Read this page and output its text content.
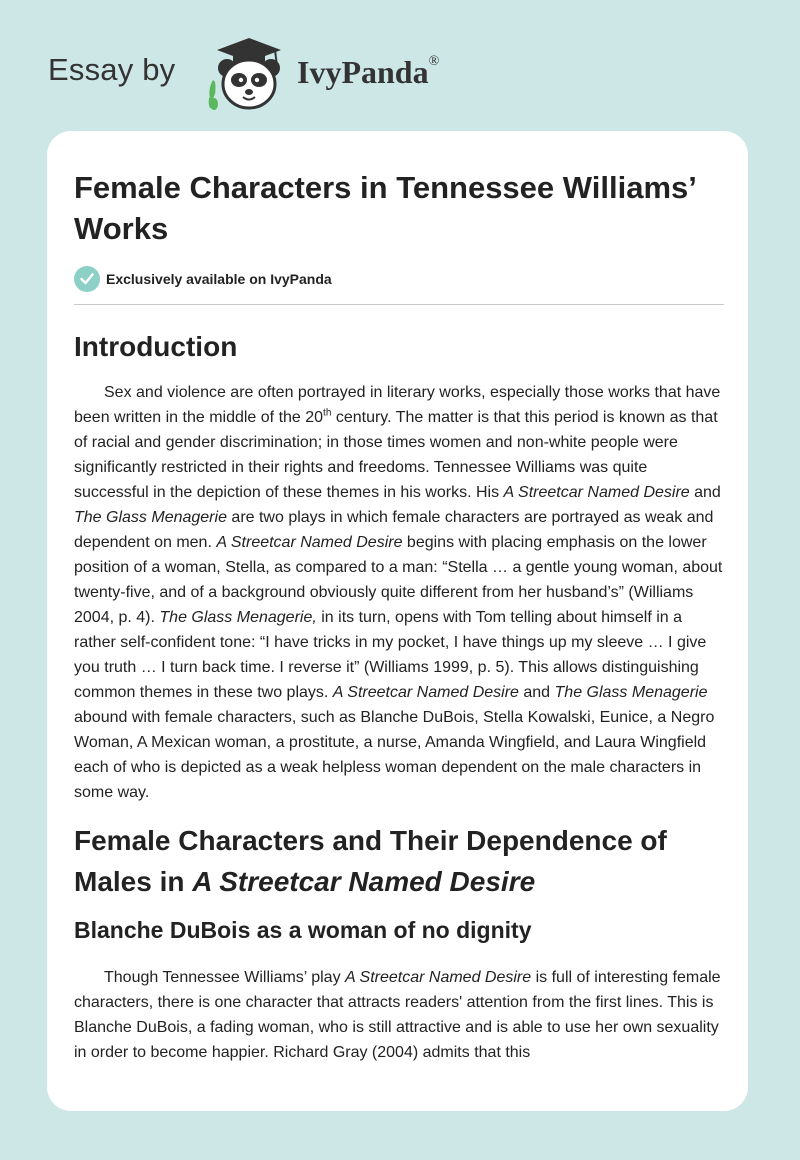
Essay by	IvyPanda®
Female Characters in Tennessee Williams’ Works
Exclusively available on IvyPanda
Introduction

Sex and violence are often portrayed in literary works, especially those works that have been written in the middle of the 20th century. The matter is that this period is known as that of racial and gender discrimination; in those times women and non-white people were significantly restricted in their rights and freedoms. Tennessee Williams was quite successful in the depiction of these themes in his works. His A Streetcar Named Desire and The Glass Menagerie are two plays in which female characters are portrayed as weak and dependent on men. A Streetcar Named Desire begins with placing emphasis on the lower position of a woman, Stella, as compared to a man: “Stella … a gentle young woman, about twenty-five, and of a background obviously quite different from her husband’s” (Williams 2004, p. 4). The Glass Menagerie, in its turn, opens with Tom telling about himself in a rather self-confident tone: “I have tricks in my pocket, I have things up my sleeve … I give you truth … I turn back time. I reverse it” (Williams 1999, p. 5). This allows distinguishing common themes in these two plays. A Streetcar Named Desire and The Glass Menagerie abound with female characters, such as Blanche DuBois, Stella Kowalski, Eunice, a Negro Woman, A Mexican woman, a prostitute, a nurse, Amanda Wingfield, and Laura Wingfield each of who is depicted as a weak helpless woman dependent on the male characters in some way.

Female Characters and Their Dependence of Males in A Streetcar Named Desire
Blanche DuBois as a woman of no dignity

Though Tennessee Williams’ play A Streetcar Named Desire is full of interesting female characters, there is one character that attracts readers' attention from the first lines. This is Blanche DuBois, a fading woman, who is still attractive and is able to use her own sexuality in order to become happier. Richard Gray (2004) admits that this
